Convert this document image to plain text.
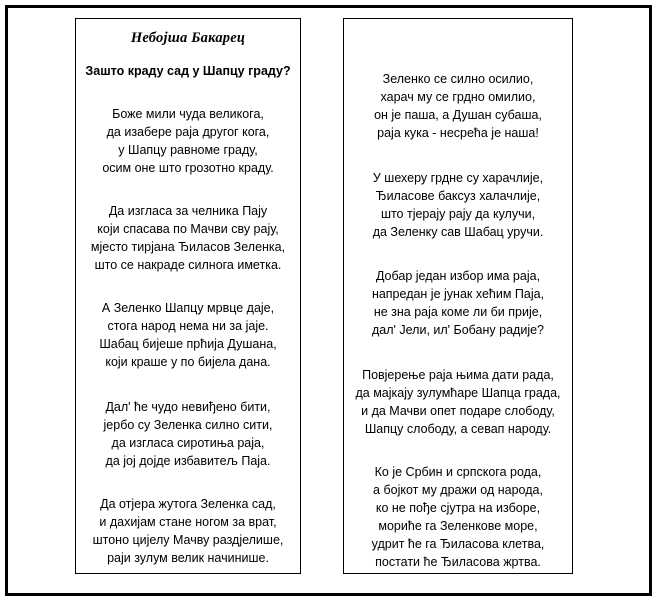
Небојша Бакарец
Зашто краду сад у Шапцу граду?
Боже мили чуда великога,
да изабере раја другог кога,
у Шапцу равноме граду,
осим оне што грозотно краду.
Да изгласа за челника Пају
који спасава по Мачви сву рају,
мјесто тирјана Ђиласов Зеленка,
што се накраде силнога иметка.
А Зеленко Шапцу мрвце даје,
стога народ нема ни за јаје.
Шабац бијеше прћија Душана,
који краше у по бијела дана.
Дал' ће чудо невиђено бити,
јербо су Зеленка силно сити,
да изгласа сиротиња раја,
да јој дојде избавитељ Паја.
Да отјера жутога Зеленка сад,
и дахијам стане ногом за врат,
штоно цијелу Мачву раздјелише,
раји зулум велик начинише.
Зеленко се силно осилио,
харач му се грдно омилио,
он је паша, а Душан субаша,
раја кука - несрећа је наша!
У шехеру грдне су харачлије,
Ђиласове баксуз халачлије,
што тјерају рају да кулучи,
да Зеленку сав Шабац уручи.
Добар један избор има раја,
напредан је јунак хећим Паја,
не зна раја коме ли би прије,
дал' Јели, ил' Бобану радије?
Повјерење раја њима дати рада,
да мајкају зулумћаре Шапца града,
и да Мачви опет подаре слободу,
Шапцу слободу, а севап народу.
Ко је Србин и српскога рода,
а бојкот му дражи од народа,
ко не пође сјутра на изборе,
мориће га Зеленкове море,
удрит ће га Ђиласова клетва,
постати ће Ђиласова жртва.
